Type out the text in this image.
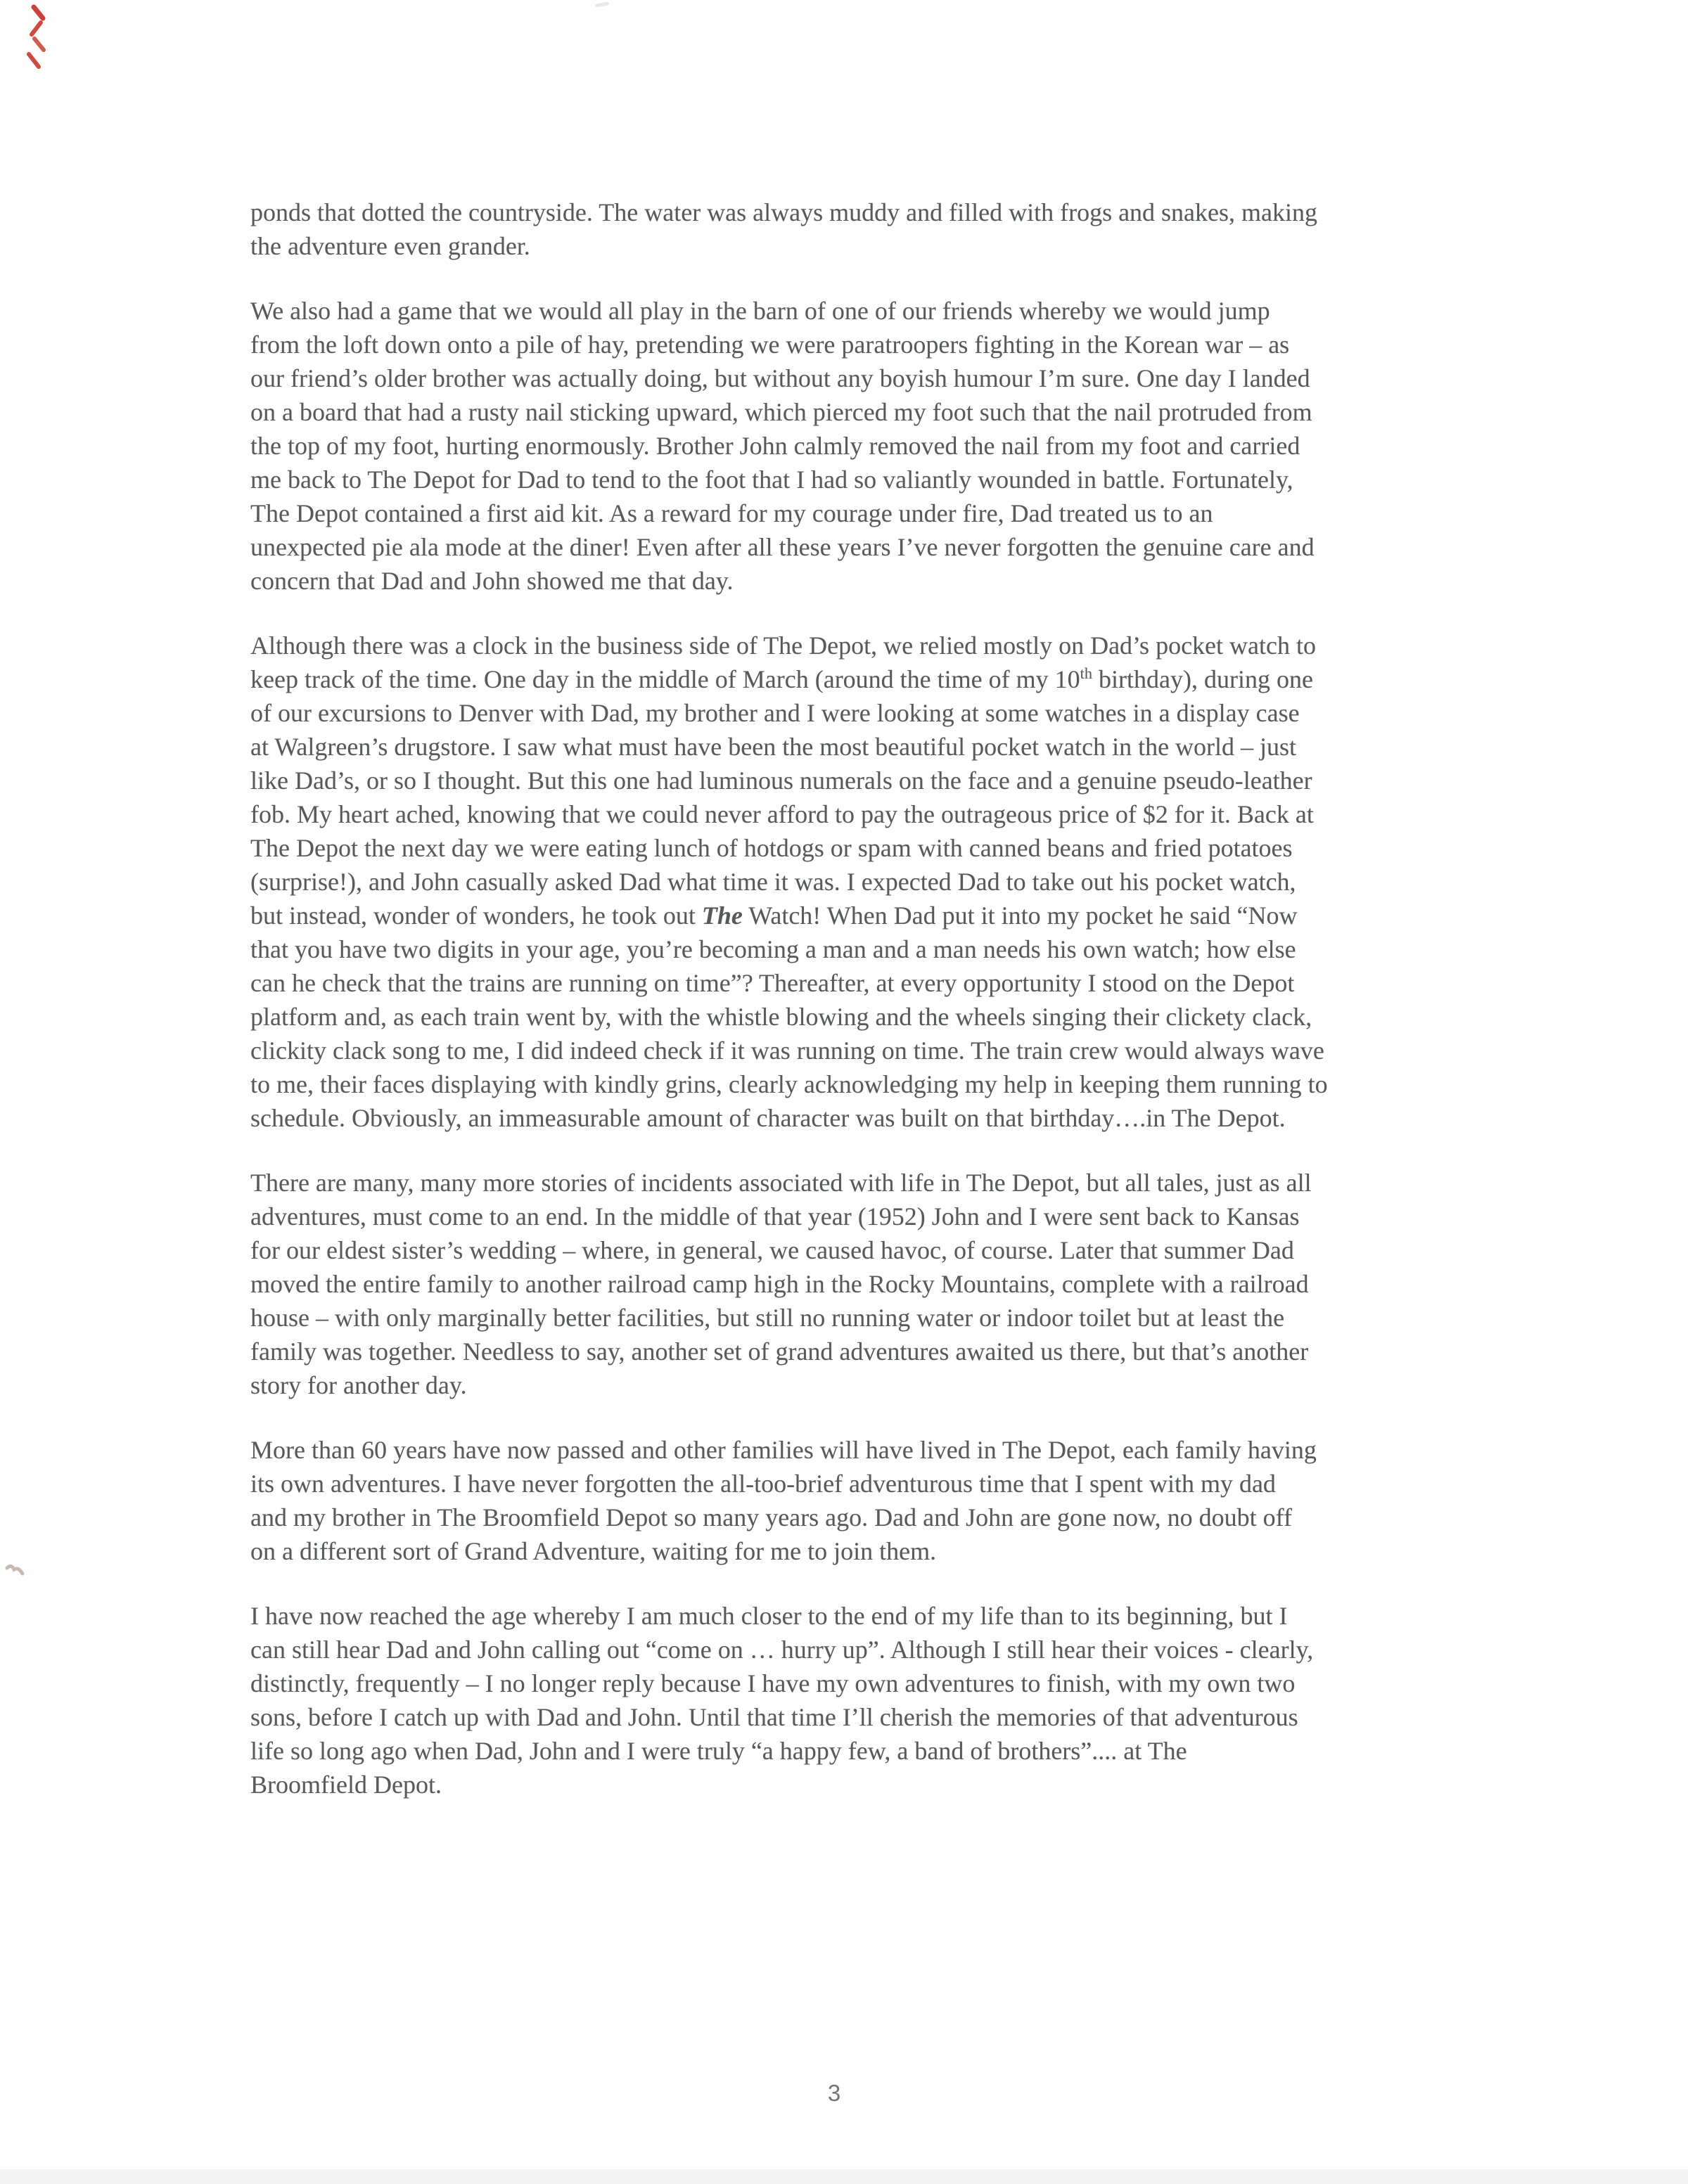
ponds that dotted the countryside. The water was always muddy and filled with frogs and snakes, making
the adventure even grander.

We also had a game that we would all play in the barn of one of our friends whereby we would jump
from the loft down onto a pile of hay, pretending we were paratroopers fighting in the Korean war – as
our friend’s older brother was actually doing, but without any boyish humour I’m sure. One day I landed
on a board that had a rusty nail sticking upward, which pierced my foot such that the nail protruded from
the top of my foot, hurting enormously. Brother John calmly removed the nail from my foot and carried
me back to The Depot for Dad to tend to the foot that I had so valiantly wounded in battle. Fortunately,
The Depot contained a first aid kit. As a reward for my courage under fire, Dad treated us to an
unexpected pie ala mode at the diner! Even after all these years I’ve never forgotten the genuine care and
concern that Dad and John showed me that day.

Although there was a clock in the business side of The Depot, we relied mostly on Dad’s pocket watch to
keep track of the time. One day in the middle of March (around the time of my 10th birthday), during one
of our excursions to Denver with Dad, my brother and I were looking at some watches in a display case
at Walgreen’s drugstore. I saw what must have been the most beautiful pocket watch in the world – just
like Dad’s, or so I thought. But this one had luminous numerals on the face and a genuine pseudo-leather
fob. My heart ached, knowing that we could never afford to pay the outrageous price of $2 for it. Back at
The Depot the next day we were eating lunch of hotdogs or spam with canned beans and fried potatoes
(surprise!), and John casually asked Dad what time it was. I expected Dad to take out his pocket watch,
but instead, wonder of wonders, he took out The Watch! When Dad put it into my pocket he said “Now
that you have two digits in your age, you’re becoming a man and a man needs his own watch; how else
can he check that the trains are running on time”? Thereafter, at every opportunity I stood on the Depot
platform and, as each train went by, with the whistle blowing and the wheels singing their clickety clack,
clickity clack song to me, I did indeed check if it was running on time. The train crew would always wave
to me, their faces displaying with kindly grins, clearly acknowledging my help in keeping them running to
schedule. Obviously, an immeasurable amount of character was built on that birthday….in The Depot.

There are many, many more stories of incidents associated with life in The Depot, but all tales, just as all
adventures, must come to an end. In the middle of that year (1952) John and I were sent back to Kansas
for our eldest sister’s wedding – where, in general, we caused havoc, of course. Later that summer Dad
moved the entire family to another railroad camp high in the Rocky Mountains, complete with a railroad
house – with only marginally better facilities, but still no running water or indoor toilet but at least the
family was together. Needless to say, another set of grand adventures awaited us there, but that’s another
story for another day.

More than 60 years have now passed and other families will have lived in The Depot, each family having
its own adventures. I have never forgotten the all-too-brief adventurous time that I spent with my dad
and my brother in The Broomfield Depot so many years ago. Dad and John are gone now, no doubt off
on a different sort of Grand Adventure, waiting for me to join them.

I have now reached the age whereby I am much closer to the end of my life than to its beginning, but I
can still hear Dad and John calling out “come on … hurry up”. Although I still hear their voices - clearly,
distinctly, frequently – I no longer reply because I have my own adventures to finish, with my own two
sons, before I catch up with Dad and John. Until that time I’ll cherish the memories of that adventurous
life so long ago when Dad, John and I were truly “a happy few, a band of brothers”.... at The
Broomfield Depot.

3
